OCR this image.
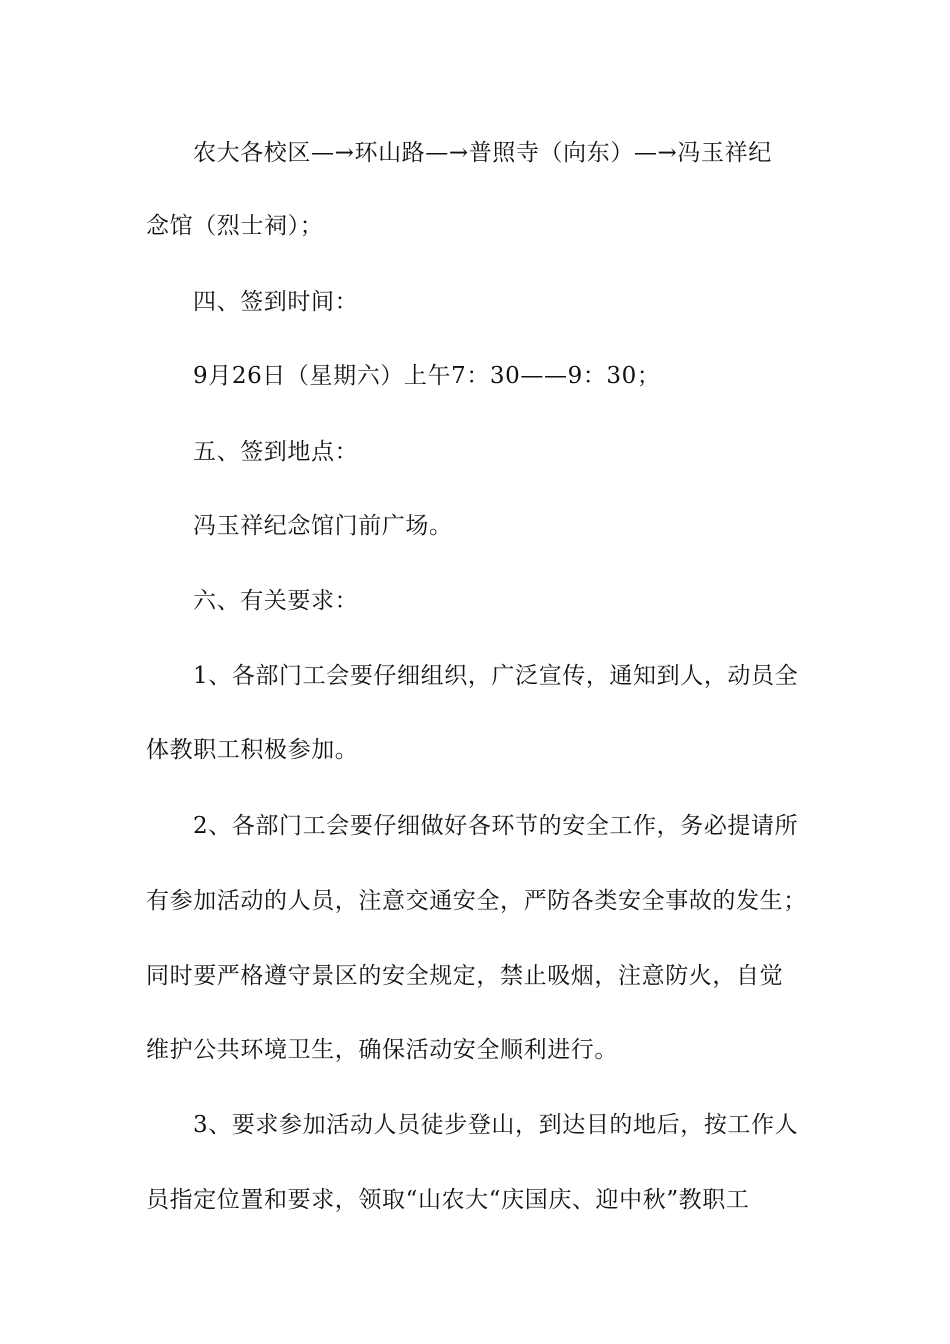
农大各校区—→环山路—→普照寺（向东）—→冯玉祥纪
念馆（烈士祠）；
四、签到时间：
9月26日（星期六）上午7：30——9：30；
五、签到地点：
冯玉祥纪念馆门前广场。
六、有关要求：
1、各部门工会要仔细组织，广泛宣传，通知到人，动员全
体教职工积极参加。
2、各部门工会要仔细做好各环节的安全工作，务必提请所
有参加活动的人员，注意交通安全，严防各类安全事故的发生；
同时要严格遵守景区的安全规定，禁止吸烟，注意防火，自觉
维护公共环境卫生，确保活动安全顺利进行。
3、要求参加活动人员徒步登山，到达目的地后，按工作人
员指定位置和要求，领取“山农大“庆国庆、迎中秋”教职工
